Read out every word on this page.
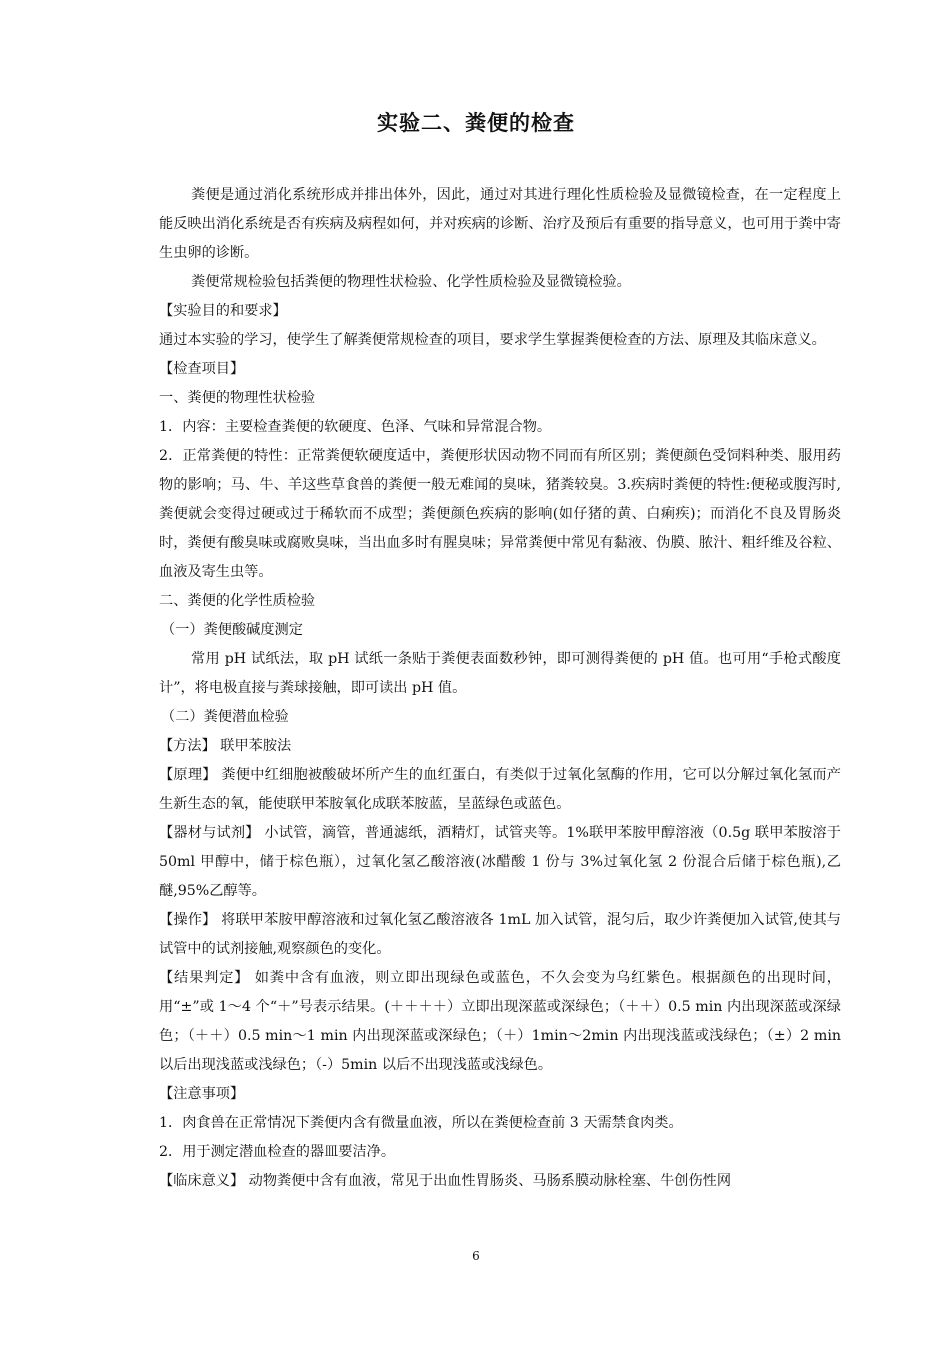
实验二、粪便的检查

粪便是通过消化系统形成并排出体外，因此，通过对其进行理化性质检验及显微镜检查，在一定程度上能反映出消化系统是否有疾病及病程如何，并对疾病的诊断、治疗及预后有重要的指导意义，也可用于粪中寄生虫卵的诊断。

粪便常规检验包括粪便的物理性状检验、化学性质检验及显微镜检验。

【实验目的和要求】

通过本实验的学习，使学生了解粪便常规检查的项目，要求学生掌握粪便检查的方法、原理及其临床意义。

【检查项目】

一、粪便的物理性状检验

1．内容：主要检查粪便的软硬度、色泽、气味和异常混合物。

2．正常粪便的特性：正常粪便软硬度适中，粪便形状因动物不同而有所区别；粪便颜色受饲料种类、服用药物的影响；马、牛、羊这些草食兽的粪便一般无难闻的臭味，猪粪较臭。3.疾病时粪便的特性:便秘或腹泻时,粪便就会变得过硬或过于稀软而不成型；粪便颜色疾病的影响(如仔猪的黄、白痢疾)；而消化不良及胃肠炎时，粪便有酸臭味或腐败臭味，当出血多时有腥臭味；异常粪便中常见有黏液、伪膜、脓汁、粗纤维及谷粒、血液及寄生虫等。

二、粪便的化学性质检验

（一）粪便酸碱度测定

常用 pH 试纸法，取 pH 试纸一条贴于粪便表面数秒钟，即可测得粪便的 pH 值。也可用“手枪式酸度计”，将电极直接与粪球接触，即可读出 pH 值。

（二）粪便潜血检验

【方法】 联甲苯胺法

【原理】 粪便中红细胞被酸破坏所产生的血红蛋白，有类似于过氧化氢酶的作用，它可以分解过氧化氢而产生新生态的氧，能使联甲苯胺氧化成联苯胺蓝，呈蓝绿色或蓝色。

【器材与试剂】 小试管，滴管，普通滤纸，酒精灯，试管夹等。1%联甲苯胺甲醇溶液（0.5g 联甲苯胺溶于 50ml 甲醇中，储于棕色瓶），过氧化氢乙酸溶液(冰醋酸 1 份与 3%过氧化氢 2 份混合后储于棕色瓶),乙醚,95%乙醇等。

【操作】 将联甲苯胺甲醇溶液和过氧化氢乙酸溶液各 1mL 加入试管，混匀后，取少许粪便加入试管,使其与试管中的试剂接触,观察颜色的变化。

【结果判定】 如粪中含有血液，则立即出现绿色或蓝色，不久会变为乌红紫色。根据颜色的出现时间，用“±”或 1～4 个“＋”号表示结果。(＋＋＋＋）立即出现深蓝或深绿色；（＋＋）0.5 min 内出现深蓝或深绿色；（＋＋）0.5 min～1 min 内出现深蓝或深绿色；（＋）1min～2min 内出现浅蓝或浅绿色；（±）2 min 以后出现浅蓝或浅绿色；（-）5min 以后不出现浅蓝或浅绿色。

【注意事项】

1．肉食兽在正常情况下粪便内含有微量血液，所以在粪便检查前 3 天需禁食肉类。

2．用于测定潜血检查的器皿要洁净。

【临床意义】 动物粪便中含有血液，常见于出血性胃肠炎、马肠系膜动脉栓塞、牛创伤性网

6
